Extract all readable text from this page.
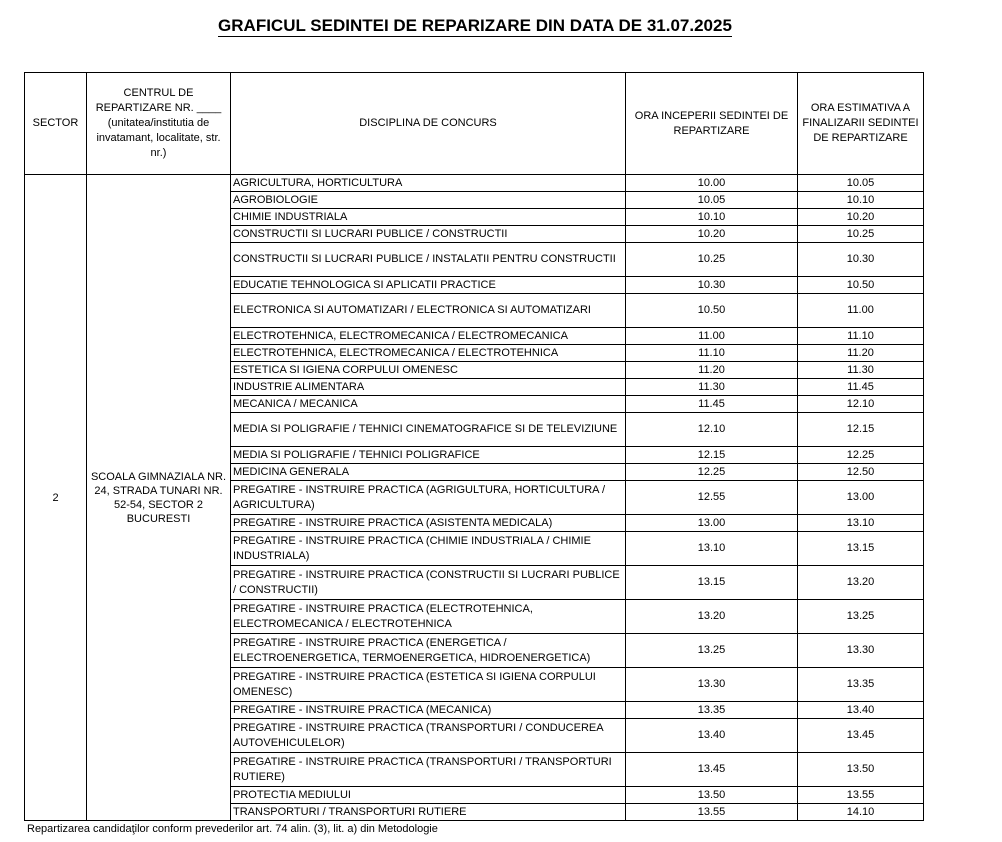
GRAFICUL SEDINTEI DE REPARIZARE DIN DATA DE 31.07.2025
SECTOR	CENTRUL DE REPARTIZARE NR. ____ (unitatea/institutia de invatamant, localitate, str. nr.)	DISCIPLINA DE CONCURS	ORA INCEPERII SEDINTEI DE REPARTIZARE	ORA ESTIMATIVA A FINALIZARII SEDINTEI DE REPARTIZARE
2	SCOALA GIMNAZIALA NR. 24, STRADA TUNARI NR. 52-54, SECTOR 2 BUCURESTI	AGRICULTURA, HORTICULTURA	10.00	10.05
		AGROBIOLOGIE	10.05	10.10
		CHIMIE INDUSTRIALA	10.10	10.20
		CONSTRUCTII SI LUCRARI PUBLICE / CONSTRUCTII	10.20	10.25
		CONSTRUCTII SI LUCRARI PUBLICE / INSTALATII PENTRU CONSTRUCTII	10.25	10.30
		EDUCATIE TEHNOLOGICA SI APLICATII PRACTICE	10.30	10.50
		ELECTRONICA SI AUTOMATIZARI / ELECTRONICA SI AUTOMATIZARI	10.50	11.00
		ELECTROTEHNICA, ELECTROMECANICA / ELECTROMECANICA	11.00	11.10
		ELECTROTEHNICA, ELECTROMECANICA / ELECTROTEHNICA	11.10	11.20
		ESTETICA SI IGIENA CORPULUI OMENESC	11.20	11.30
		INDUSTRIE ALIMENTARA	11.30	11.45
		MECANICA / MECANICA	11.45	12.10
		MEDIA SI POLIGRAFIE / TEHNICI CINEMATOGRAFICE SI DE TELEVIZIUNE	12.10	12.15
		MEDIA SI POLIGRAFIE / TEHNICI POLIGRAFICE	12.15	12.25
		MEDICINA GENERALA	12.25	12.50
		PREGATIRE - INSTRUIRE PRACTICA (AGRIGULTURA, HORTICULTURA / AGRICULTURA)	12.55	13.00
		PREGATIRE - INSTRUIRE PRACTICA (ASISTENTA MEDICALA)	13.00	13.10
		PREGATIRE - INSTRUIRE PRACTICA (CHIMIE INDUSTRIALA / CHIMIE INDUSTRIALA)	13.10	13.15
		PREGATIRE - INSTRUIRE PRACTICA (CONSTRUCTII SI LUCRARI PUBLICE / CONSTRUCTII)	13.15	13.20
		PREGATIRE - INSTRUIRE PRACTICA (ELECTROTEHNICA, ELECTROMECANICA / ELECTROTEHNICA	13.20	13.25
		PREGATIRE - INSTRUIRE PRACTICA (ENERGETICA / ELECTROENERGETICA, TERMOENERGETICA, HIDROENERGETICA)	13.25	13.30
		PREGATIRE - INSTRUIRE PRACTICA (ESTETICA SI IGIENA CORPULUI OMENESC)	13.30	13.35
		PREGATIRE - INSTRUIRE PRACTICA (MECANICA)	13.35	13.40
		PREGATIRE - INSTRUIRE PRACTICA (TRANSPORTURI / CONDUCEREA AUTOVEHICULELOR)	13.40	13.45
		PREGATIRE - INSTRUIRE PRACTICA (TRANSPORTURI / TRANSPORTURI RUTIERE)	13.45	13.50
		PROTECTIA MEDIULUI	13.50	13.55
		TRANSPORTURI / TRANSPORTURI RUTIERE	13.55	14.10
Repartizarea candidaţilor conform prevederilor art. 74 alin. (3), lit. a) din Metodologie
